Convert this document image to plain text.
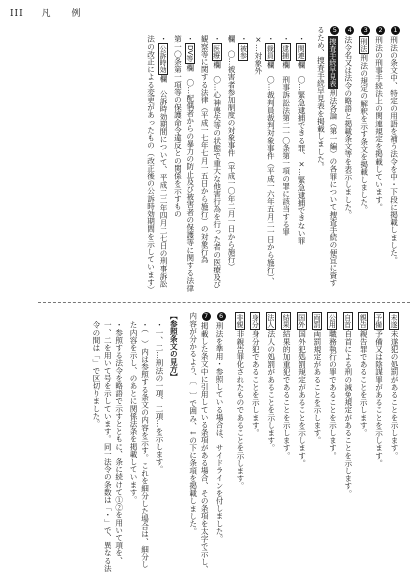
III 凡　例
1刑法の条文中、特定の用語を補う法令を中・下段に掲載しました。
2刑法の刑事手続法上の関連規定を掲載しています。
3刑法刑法の規定の解釈を示す条文を掲載しました。
4法令名又は法令の略語と掲載条文等を表示しました。
5捜査手続早見表刑法各論（第一編）の各罪について捜査手続の便宜に資するため、捜査手続早見表を掲載しました。
・関連欄　〇…緊急逮捕できる罪、×…緊急逮捕できない罪
・逮捕欄　刑事訴訟法第二一〇条第一項の罪に該当する罪
・裁員欄　〇…裁判員裁判対象事件（平成一六年五月二一日から施行）、×…対象外
・被参欄　〇…被害者参加制度の対象事件（平成一〇年二月一日から施行）
・医療欄　〇…心神喪失等の状態で重大な他害行為を行った者の医療及び観察等に関する法律（平成一七年七月一五日から施行）の対象行為
・DV等欄　〇…配偶者からの暴力の防止及び被害者の保護等に関する法律第一〇条第一項等の保護命令違反との関係を示すもの
・公訴時効欄　公訴時効期間について、平成二二年四月二七日の刑事訴訟法の改正による変更があったもの（改正後の公訴時効期間を示しています）
未遂未遂犯の処罰があることを示します。
予備予備又は陰謀罪があることを示します。
親告親告罪であることを示します。
自首自首による刑の減免規定があることを示します。
公用職務執行の罪であることを示します。
両罰両罰規定があることを示します。
国外国外犯処罰規定があることを示します。
結果結果的加重犯であることを示します。
法人法人の処罰があることを示します。
身分身分犯であることを示します。
非親非親告罪化されたものであることを示します。
6刑法を準用・参照している場合は、サイドラインを付しました。
7掲載した条文中に引用している条項がある場合、その条項を太字で示し、内容が分かるよう、〔　〕で囲み、↓の下に条項を掲載しました。
【参照条文の見方】
・一、二…刑法の一項、二項…を示します。
・（　）内は参照する条文の内容を示す。これを細分した場合は、細分した内容を示し、のあとに関係法条を掲載しています。
・参照する法令を略語で示すとともに、条に続けて①②を用いて項を、一、二を用いて号を示しています。同一法令の条数は「・」で、異なる法令の間は「」で区切りました。
